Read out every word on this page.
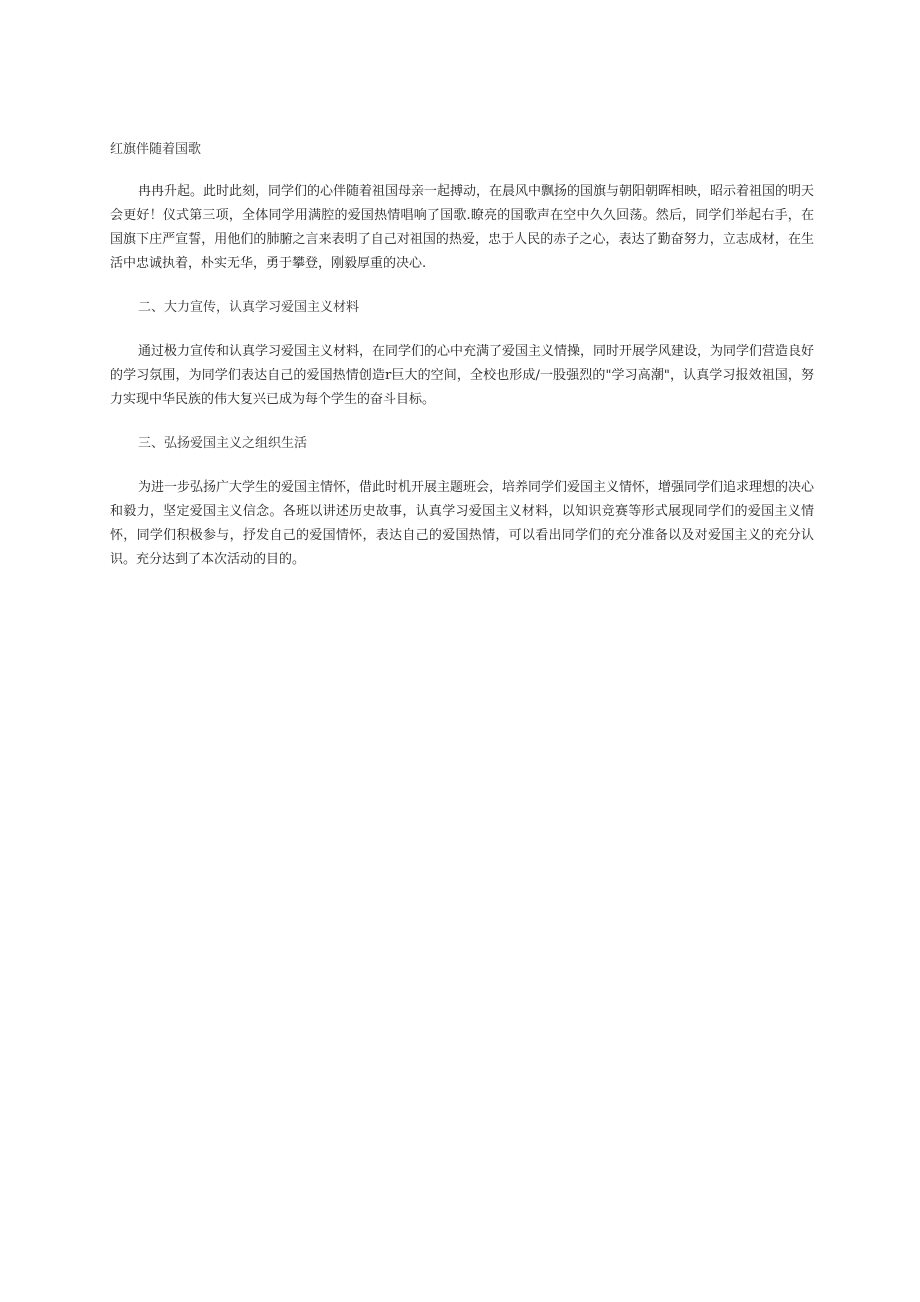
红旗伴随着国歌

冉冉升起。此时此刻，同学们的心伴随着祖国母亲一起搏动，在晨风中飘扬的国旗与朝阳朝晖相映，昭示着祖国的明天会更好！仪式第三项，全体同学用满腔的爱国热情唱响了国歌.瞭亮的国歌声在空中久久回荡。然后，同学们举起右手，在国旗下庄严宣誓，用他们的肺腑之言来表明了自己对祖国的热爱，忠于人民的赤子之心，表达了勤奋努力，立志成材，在生活中忠诚执着，朴实无华，勇于攀登，刚毅厚重的决心.

二、大力宣传，认真学习爱国主义材料

通过极力宣传和认真学习爱国主义材料，在同学们的心中充满了爱国主义情操，同时开展学风建设，为同学们营造良好的学习氛围，为同学们表达自己的爱国热情创造r巨大的空间，全校也形成/一股强烈的"学习高潮"，认真学习报效祖国，努力实现中华民族的伟大复兴已成为每个学生的奋斗目标。

三、弘扬爱国主义之组织生活

为进一步弘扬广大学生的爱国主情怀，借此时机开展主题班会，培养同学们爱国主义情怀，增强同学们追求理想的决心和毅力，坚定爱国主义信念。各班以讲述历史故事，认真学习爱国主义材料，以知识竞赛等形式展现同学们的爱国主义情怀，同学们积极参与，抒发自己的爱国情怀，表达自己的爱国热情，可以看出同学们的充分准备以及对爱国主义的充分认识。充分达到了本次活动的目的。
